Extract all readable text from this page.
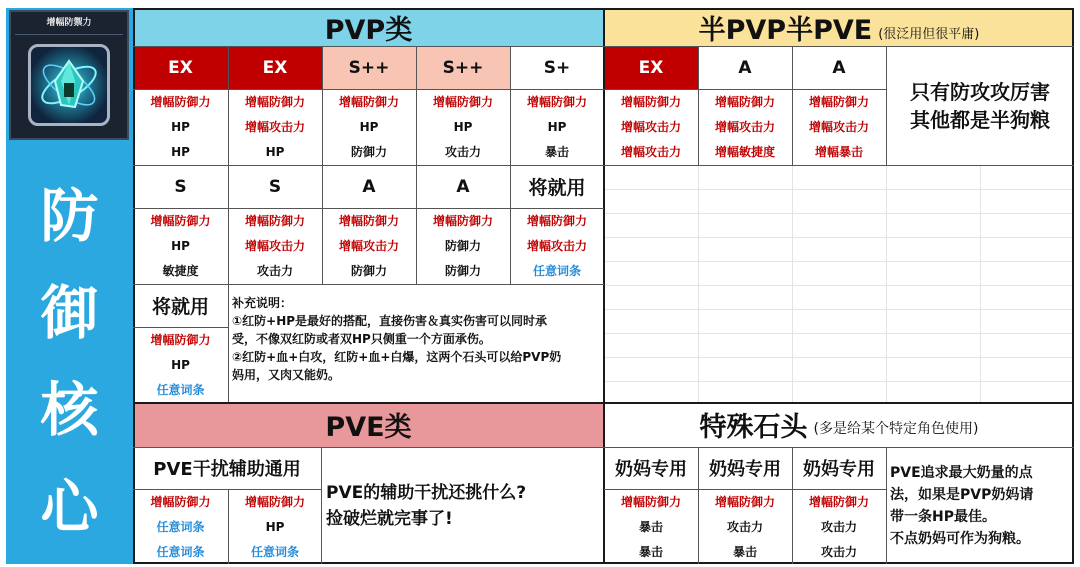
增幅防禦力
防
御
核
心
PVP类	半PVP半PVE (很泛用但很平庸)
EX
增幅防御力
HP
HP
EX
增幅防御力
增幅攻击力
HP
S++
增幅防御力
HP
防御力
S++
增幅防御力
HP
攻击力
S+
增幅防御力
HP
暴击
S
增幅防御力
HP
敏捷度
S
增幅防御力
增幅攻击力
攻击力
A
增幅防御力
增幅攻击力
防御力
A
增幅防御力
防御力
防御力
将就用
增幅防御力
增幅攻击力
任意词条
EX
增幅防御力
增幅攻击力
增幅攻击力
A
增幅防御力
增幅攻击力
增幅敏捷度
A
增幅防御力
增幅攻击力
增幅暴击
只有防攻攻厉害
其他都是半狗粮
将就用
增幅防御力
HP
任意词条
补充说明：
①红防+HP是最好的搭配，直接伤害＆真实伤害可以同时承
受，不像双红防或者双HP只侧重一个方面承伤。
②红防+血+白攻，红防+血+白爆，这两个石头可以给PVP奶
妈用，又肉又能奶。
PVE类	特殊石头 (多是给某个特定角色使用)
PVE干扰辅助通用
增幅防御力
任意词条
任意词条
增幅防御力
HP
任意词条
PVE的辅助干扰还挑什么?
捡破烂就完事了!
奶妈专用
增幅防御力
暴击
暴击
奶妈专用
增幅防御力
攻击力
暴击
奶妈专用
增幅防御力
攻击力
攻击力
PVE追求最大奶量的点
法，如果是PVP奶妈请
带一条HP最佳。
不点奶妈可作为狗粮。
